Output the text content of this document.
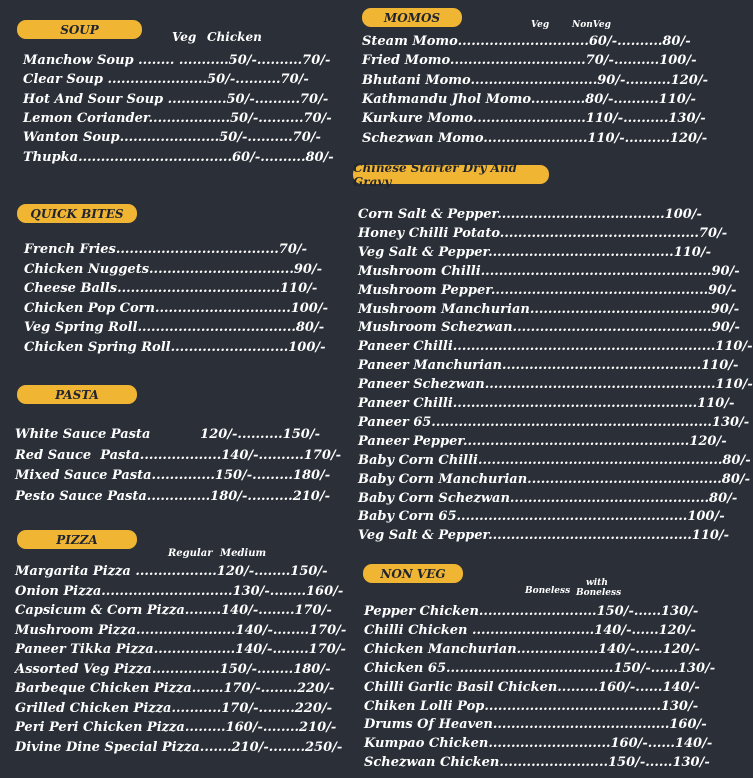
SOUP
Veg Chicken
Manchow Soup ........ ...........50/-..........70/-
Clear Soup ......................50/-..........70/-
Hot And Sour Soup .............50/-..........70/-
Lemon Coriander..................50/-..........70/-
Wanton Soup......................50/-..........70/-
Thupka..................................60/-..........80/-
QUICK BITES
French Fries....................................70/-
Chicken Nuggets................................90/-
Cheese Balls....................................110/-
Chicken Pop Corn..............................100/-
Veg Spring Roll...................................80/-
Chicken Spring Roll..........................100/-
PASTA
White Sauce Pasta           120/-..........150/-
Red Sauce  Pasta..................140/-..........170/-
Mixed Sauce Pasta..............150/-.........180/-
Pesto Sauce Pasta..............180/-..........210/-
PIZZA
Regular Medium
Margarita Pizza ..................120/-........150/-
Onion Pizza.............................130/-........160/-
Capsicum & Corn Pizza........140/-........170/-
Mushroom Pizza......................140/-........170/-
Paneer Tikka Pizza..................140/-........170/-
Assorted Veg Pizza...............150/-........180/-
Barbeque Chicken Pizza.......170/-........220/-
Grilled Chicken Pizza...........170/-........220/-
Peri Peri Chicken Pizza.........160/-........210/-
Divine Dine Special Pizza.......210/-........250/-
MOMOS
Veg	NonVeg
Steam Momo.............................60/-..........80/-
Fried Momo..............................70/-..........100/-
Bhutani Momo............................90/-..........120/-
Kathmandu Jhol Momo............80/-..........110/-
Kurkure Momo.........................110/-..........130/-
Schezwan Momo.......................110/-..........120/-
Chinese Starter Dry And Gravy
Corn Salt & Pepper.....................................100/-
Honey Chilli Potato............................................70/-
Veg Salt & Pepper.........................................110/-
Mushroom Chilli...................................................90/-
Mushroom Pepper................................................90/-
Mushroom Manchurian........................................90/-
Mushroom Schezwan............................................90/-
Paneer Chilli..........................................................110/-
Paneer Manchurian............................................110/-
Paneer Schezwan...................................................110/-
Paneer Chilli......................................................110/-
Paneer 65..............................................................130/-
Paneer Pepper..................................................120/-
Baby Corn Chilli......................................................80/-
Baby Corn Manchurian...........................................80/-
Baby Corn Schezwan............................................80/-
Baby Corn 65...................................................100/-
Veg Salt & Pepper.............................................110/-
NON VEG
Boneless
with
Boneless
Pepper Chicken..........................150/-......130/-
Chilli Chicken ...........................140/-......120/-
Chicken Manchurian..................140/-......120/-
Chicken 65.....................................150/-......130/-
Chilli Garlic Basil Chicken.........160/-......140/-
Chiken Lolli Pop.......................................130/-
Drums Of Heaven.......................................160/-
Kumpao Chicken...........................160/-......140/-
Schezwan Chicken........................150/-......130/-
